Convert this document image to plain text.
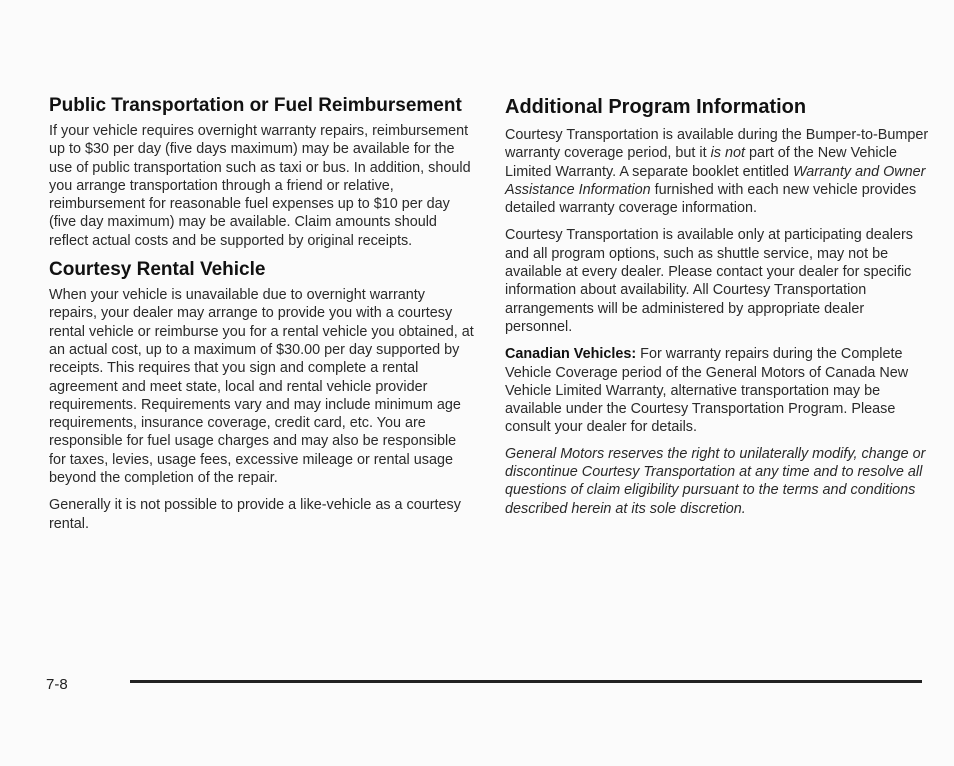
Public Transportation or Fuel Reimbursement

If your vehicle requires overnight warranty repairs, reimbursement up to $30 per day (five days maximum) may be available for the use of public transportation such as taxi or bus. In addition, should you arrange transportation through a friend or relative, reimbursement for reasonable fuel expenses up to $10 per day (five day maximum) may be available. Claim amounts should reflect actual costs and be supported by original receipts.

Courtesy Rental Vehicle

When your vehicle is unavailable due to overnight warranty repairs, your dealer may arrange to provide you with a courtesy rental vehicle or reimburse you for a rental vehicle you obtained, at an actual cost, up to a maximum of $30.00 per day supported by receipts. This requires that you sign and complete a rental agreement and meet state, local and rental vehicle provider requirements. Requirements vary and may include minimum age requirements, insurance coverage, credit card, etc. You are responsible for fuel usage charges and may also be responsible for taxes, levies, usage fees, excessive mileage or rental usage beyond the completion of the repair.

Generally it is not possible to provide a like-vehicle as a courtesy rental.

Additional Program Information

Courtesy Transportation is available during the Bumper-to-Bumper warranty coverage period, but it is not part of the New Vehicle Limited Warranty. A separate booklet entitled Warranty and Owner Assistance Information furnished with each new vehicle provides detailed warranty coverage information.

Courtesy Transportation is available only at participating dealers and all program options, such as shuttle service, may not be available at every dealer. Please contact your dealer for specific information about availability. All Courtesy Transportation arrangements will be administered by appropriate dealer personnel.

Canadian Vehicles: For warranty repairs during the Complete Vehicle Coverage period of the General Motors of Canada New Vehicle Limited Warranty, alternative transportation may be available under the Courtesy Transportation Program. Please consult your dealer for details.

General Motors reserves the right to unilaterally modify, change or discontinue Courtesy Transportation at any time and to resolve all questions of claim eligibility pursuant to the terms and conditions described herein at its sole discretion.

7-8
